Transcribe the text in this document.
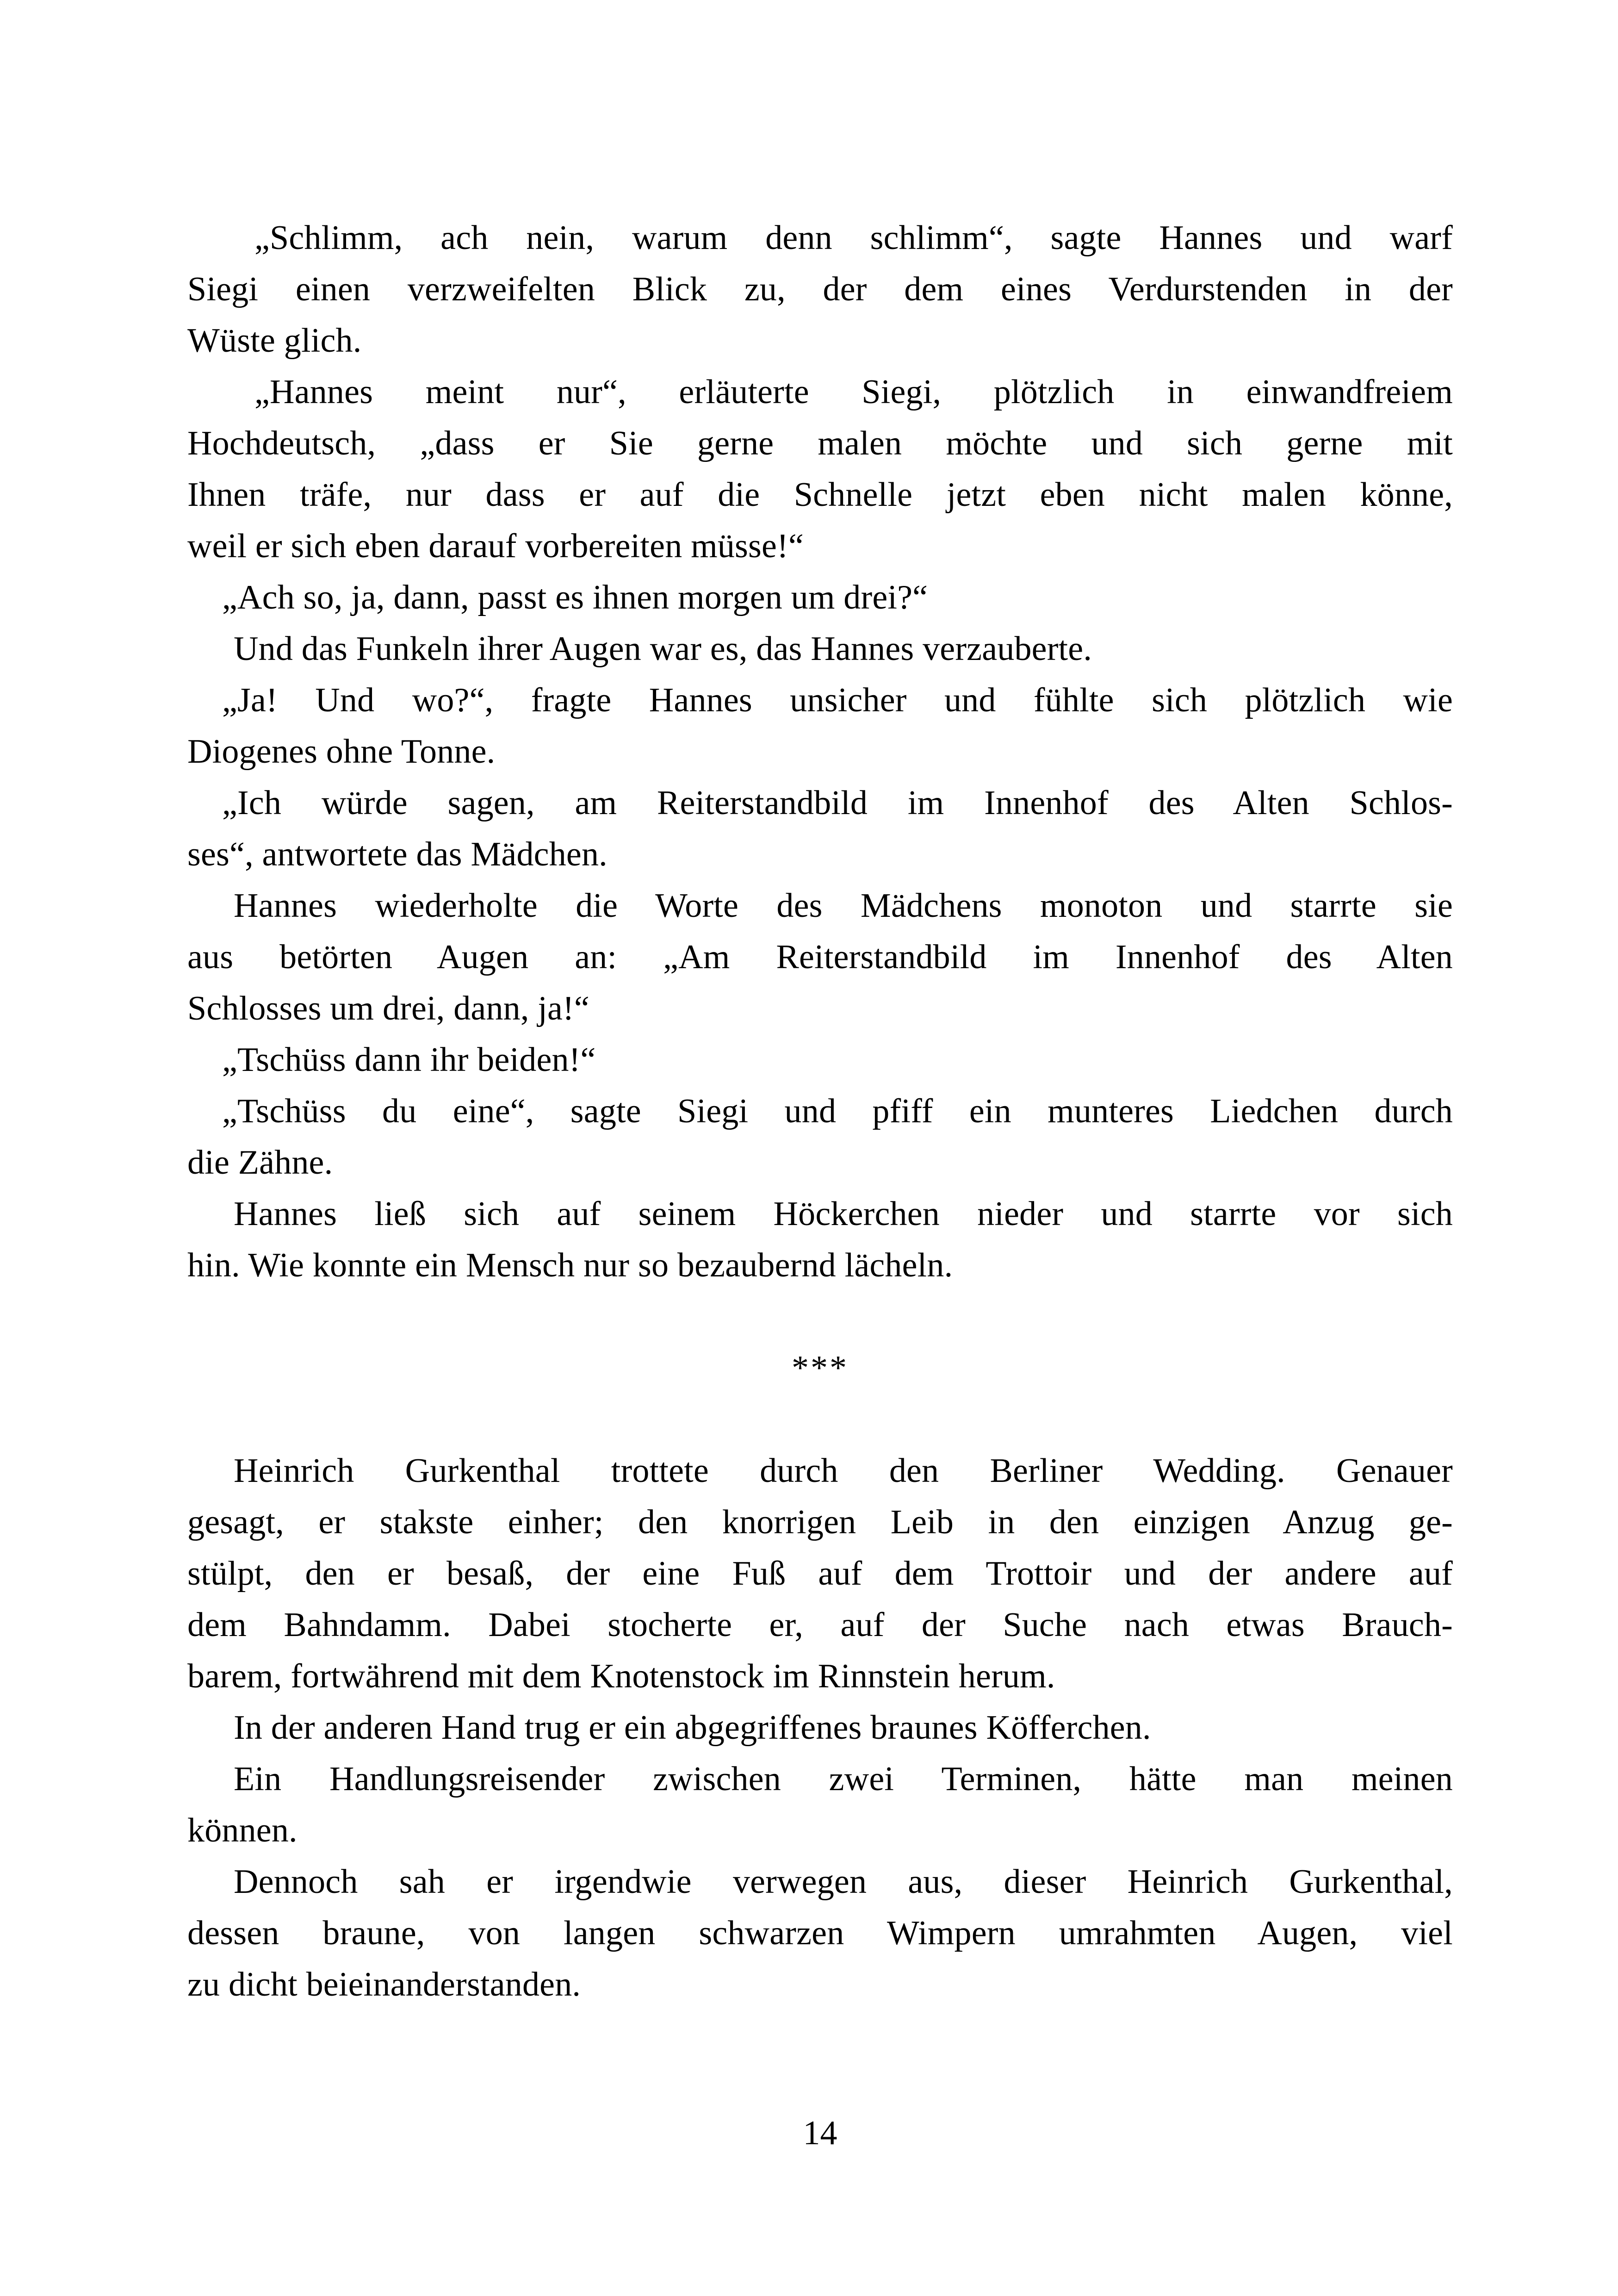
„Schlimm, ach nein, warum denn schlimm“, sagte Hannes und warf
Siegi einen verzweifelten Blick zu, der dem eines Verdurstenden in der
Wüste glich.
„Hannes meint nur“, erläuterte Siegi, plötzlich in einwandfreiem
Hochdeutsch, „dass er Sie gerne malen möchte und sich gerne mit
Ihnen träfe, nur dass er auf die Schnelle jetzt eben nicht malen könne,
weil er sich eben darauf vorbereiten müsse!“
„Ach so, ja, dann, passt es ihnen morgen um drei?“
Und das Funkeln ihrer Augen war es, das Hannes verzauberte.
„Ja! Und wo?“, fragte Hannes unsicher und fühlte sich plötzlich wie
Diogenes ohne Tonne.
„Ich würde sagen, am Reiterstandbild im Innenhof des Alten Schlos-
ses“, antwortete das Mädchen.
Hannes wiederholte die Worte des Mädchens monoton und starrte sie
aus betörten Augen an: „Am Reiterstandbild im Innenhof des Alten
Schlosses um drei, dann, ja!“
„Tschüss dann ihr beiden!“
„Tschüss du eine“, sagte Siegi und pfiff ein munteres Liedchen durch
die Zähne.
Hannes ließ sich auf seinem Höckerchen nieder und starrte vor sich
hin. Wie konnte ein Mensch nur so bezaubernd lächeln.
***
Heinrich Gurkenthal trottete durch den Berliner Wedding. Genauer
gesagt, er stakste einher; den knorrigen Leib in den einzigen Anzug ge-
stülpt, den er besaß, der eine Fuß auf dem Trottoir und der andere auf
dem Bahndamm. Dabei stocherte er, auf der Suche nach etwas Brauch-
barem, fortwährend mit dem Knotenstock im Rinnstein herum.
In der anderen Hand trug er ein abgegriffenes braunes Köfferchen.
Ein Handlungsreisender zwischen zwei Terminen, hätte man meinen
können.
Dennoch sah er irgendwie verwegen aus, dieser Heinrich Gurkenthal,
dessen braune, von langen schwarzen Wimpern umrahmten Augen, viel
zu dicht beieinanderstanden.
14
